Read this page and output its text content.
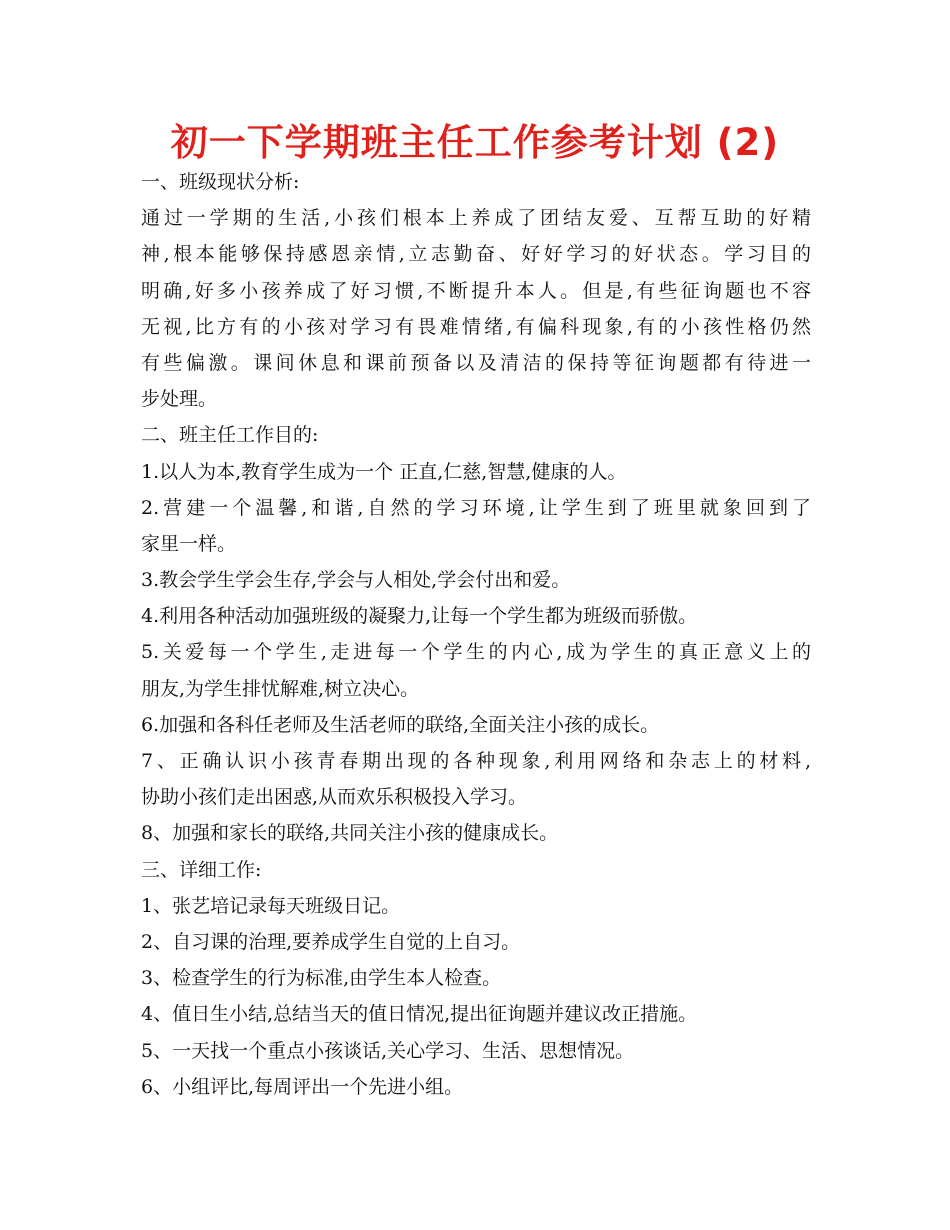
初一下学期班主任工作参考计划 (2)
一、班级现状分析:
通过一学期的生活,小孩们根本上养成了团结友爱、互帮互助的好精
神,根本能够保持感恩亲情,立志勤奋、好好学习的好状态。学习目的
明确,好多小孩养成了好习惯,不断提升本人。但是,有些征询题也不容
无视,比方有的小孩对学习有畏难情绪,有偏科现象,有的小孩性格仍然
有些偏激。课间休息和课前预备以及清洁的保持等征询题都有待进一
步处理。
二、班主任工作目的:
1.以人为本,教育学生成为一个 正直,仁慈,智慧,健康的人。
2.营建一个温馨,和谐,自然的学习环境,让学生到了班里就象回到了
家里一样。
3.教会学生学会生存,学会与人相处,学会付出和爱。
4.利用各种活动加强班级的凝聚力,让每一个学生都为班级而骄傲。
5.关爱每一个学生,走进每一个学生的内心,成为学生的真正意义上的
朋友,为学生排忧解难,树立决心。
6.加强和各科任老师及生活老师的联络,全面关注小孩的成长。
7、正确认识小孩青春期出现的各种现象,利用网络和杂志上的材料,
协助小孩们走出困惑,从而欢乐积极投入学习。
8、加强和家长的联络,共同关注小孩的健康成长。
三、详细工作:
1、张艺培记录每天班级日记。
2、自习课的治理,要养成学生自觉的上自习。
3、检查学生的行为标准,由学生本人检查。
4、值日生小结,总结当天的值日情况,提出征询题并建议改正措施。
5、一天找一个重点小孩谈话,关心学习、生活、思想情况。
6、小组评比,每周评出一个先进小组。
